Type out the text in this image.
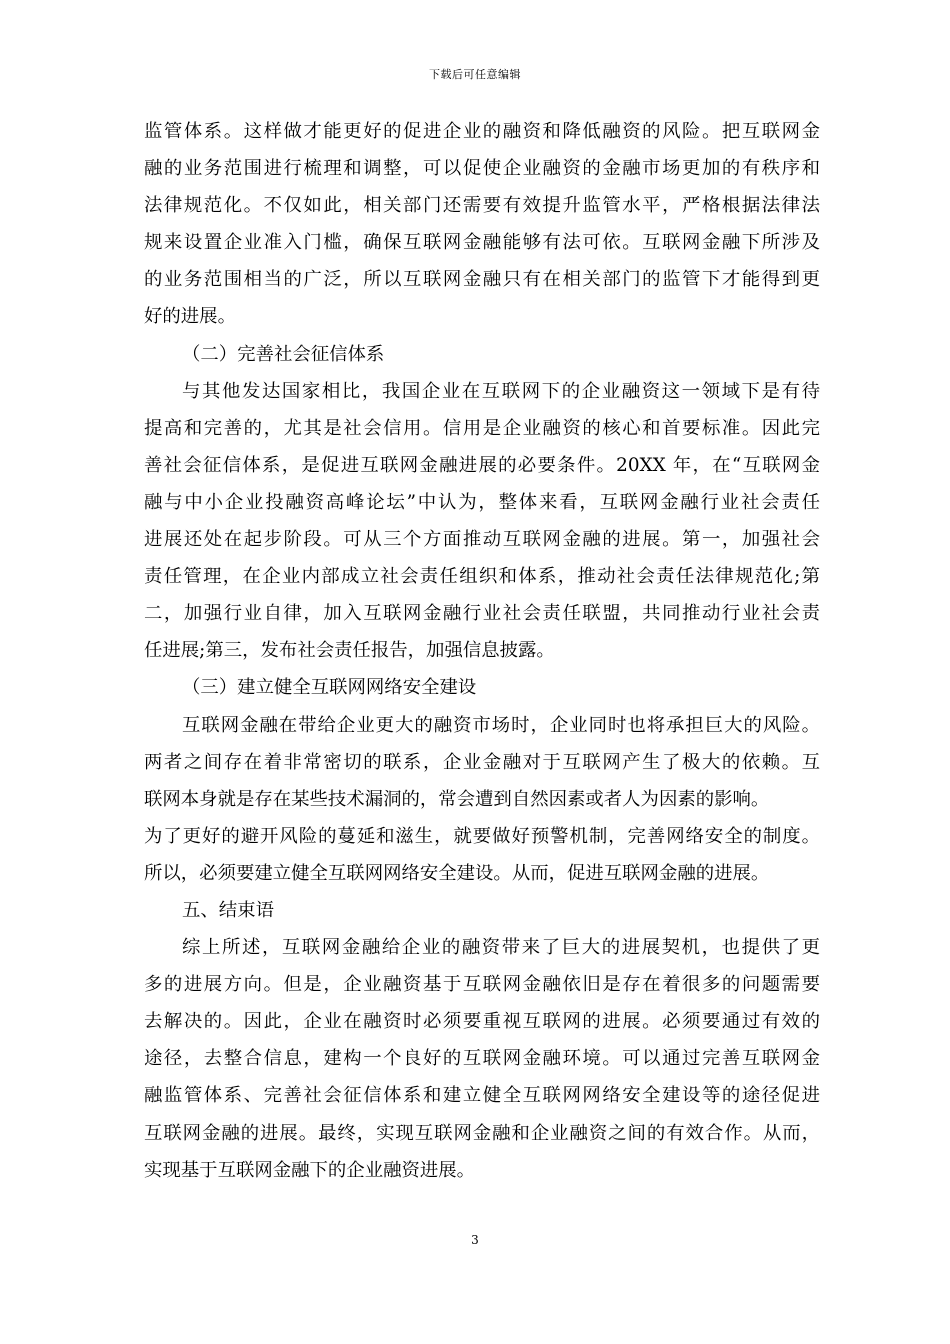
下载后可任意编辑
监管体系。这样做才能更好的促进企业的融资和降低融资的风险。把互联网金
融的业务范围进行梳理和调整，可以促使企业融资的金融市场更加的有秩序和
法律规范化。不仅如此，相关部门还需要有效提升监管水平，严格根据法律法
规来设置企业准入门槛，确保互联网金融能够有法可依。互联网金融下所涉及
的业务范围相当的广泛，所以互联网金融只有在相关部门的监管下才能得到更
好的进展。
（二）完善社会征信体系
与其他发达国家相比，我国企业在互联网下的企业融资这一领域下是有待
提高和完善的，尤其是社会信用。信用是企业融资的核心和首要标准。因此完
善社会征信体系，是促进互联网金融进展的必要条件。20XX 年，在“互联网金
融与中小企业投融资高峰论坛”中认为，整体来看，互联网金融行业社会责任
进展还处在起步阶段。可从三个方面推动互联网金融的进展。第一，加强社会
责任管理，在企业内部成立社会责任组织和体系，推动社会责任法律规范化;第
二，加强行业自律，加入互联网金融行业社会责任联盟，共同推动行业社会责
任进展;第三，发布社会责任报告，加强信息披露。
（三）建立健全互联网网络安全建设
互联网金融在带给企业更大的融资市场时，企业同时也将承担巨大的风险。
两者之间存在着非常密切的联系，企业金融对于互联网产生了极大的依赖。互
联网本身就是存在某些技术漏洞的，常会遭到自然因素或者人为因素的影响。
为了更好的避开风险的蔓延和滋生，就要做好预警机制，完善网络安全的制度。
所以，必须要建立健全互联网网络安全建设。从而，促进互联网金融的进展。
五、结束语
综上所述，互联网金融给企业的融资带来了巨大的进展契机，也提供了更
多的进展方向。但是，企业融资基于互联网金融依旧是存在着很多的问题需要
去解决的。因此，企业在融资时必须要重视互联网的进展。必须要通过有效的
途径，去整合信息，建构一个良好的互联网金融环境。可以通过完善互联网金
融监管体系、完善社会征信体系和建立健全互联网网络安全建设等的途径促进
互联网金融的进展。最终，实现互联网金融和企业融资之间的有效合作。从而，
实现基于互联网金融下的企业融资进展。
3
